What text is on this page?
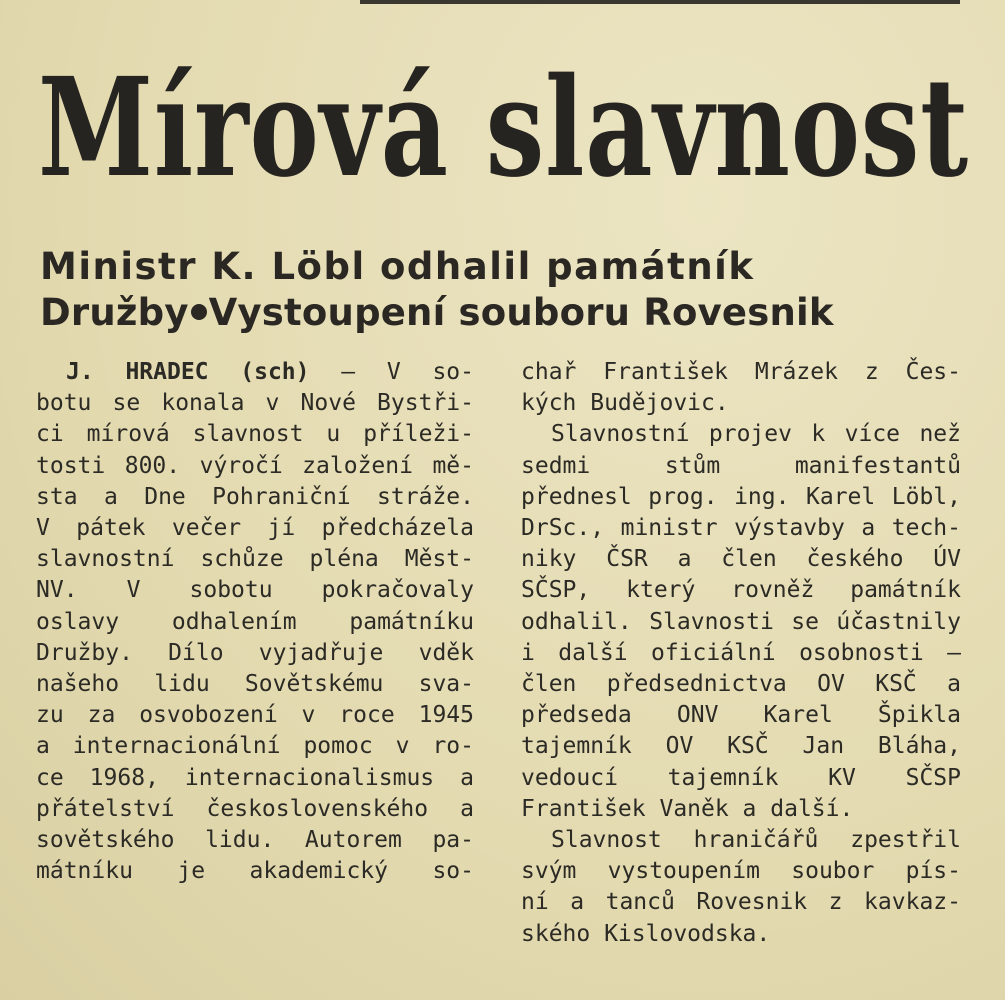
Mírová slavnost
Ministr K. Löbl odhalil památník
Družby Vystoupení souboru Rovesnik
J. HRADEC (sch) — V so-
botu se konala v Nové Bystři-
ci mírová slavnost u příleži-
tosti 800. výročí založení mě-
sta a Dne Pohraniční stráže.
V pátek večer jí předcházela
slavnostní schůze pléna Měst-
NV. V sobotu pokračovaly
oslavy odhalením památníku
Družby. Dílo vyjadřuje vděk
našeho lidu Sovětskému sva-
zu za osvobození v roce 1945
a internacionální pomoc v ro-
ce 1968, internacionalismus a
přátelství československého a
sovětského lidu. Autorem pa-
mátníku je akademický so-
chař František Mrázek z Čes-
kých Budějovic.
Slavnostní projev k více než
sedmi stům manifestantů
přednesl prog. ing. Karel Löbl,
DrSc., ministr výstavby a tech-
niky ČSR a člen českého ÚV
SČSP, který rovněž památník
odhalil. Slavnosti se účastnily
i další oficiální osobnosti —
člen předsednictva OV KSČ a
předseda ONV Karel Špikla
tajemník OV KSČ Jan Bláha,
vedoucí tajemník KV SČSP
František Vaněk a další.
Slavnost hraničářů zpestřil
svým vystoupením soubor pís-
ní a tanců Rovesnik z kavkaz-
ského Kislovodska.
